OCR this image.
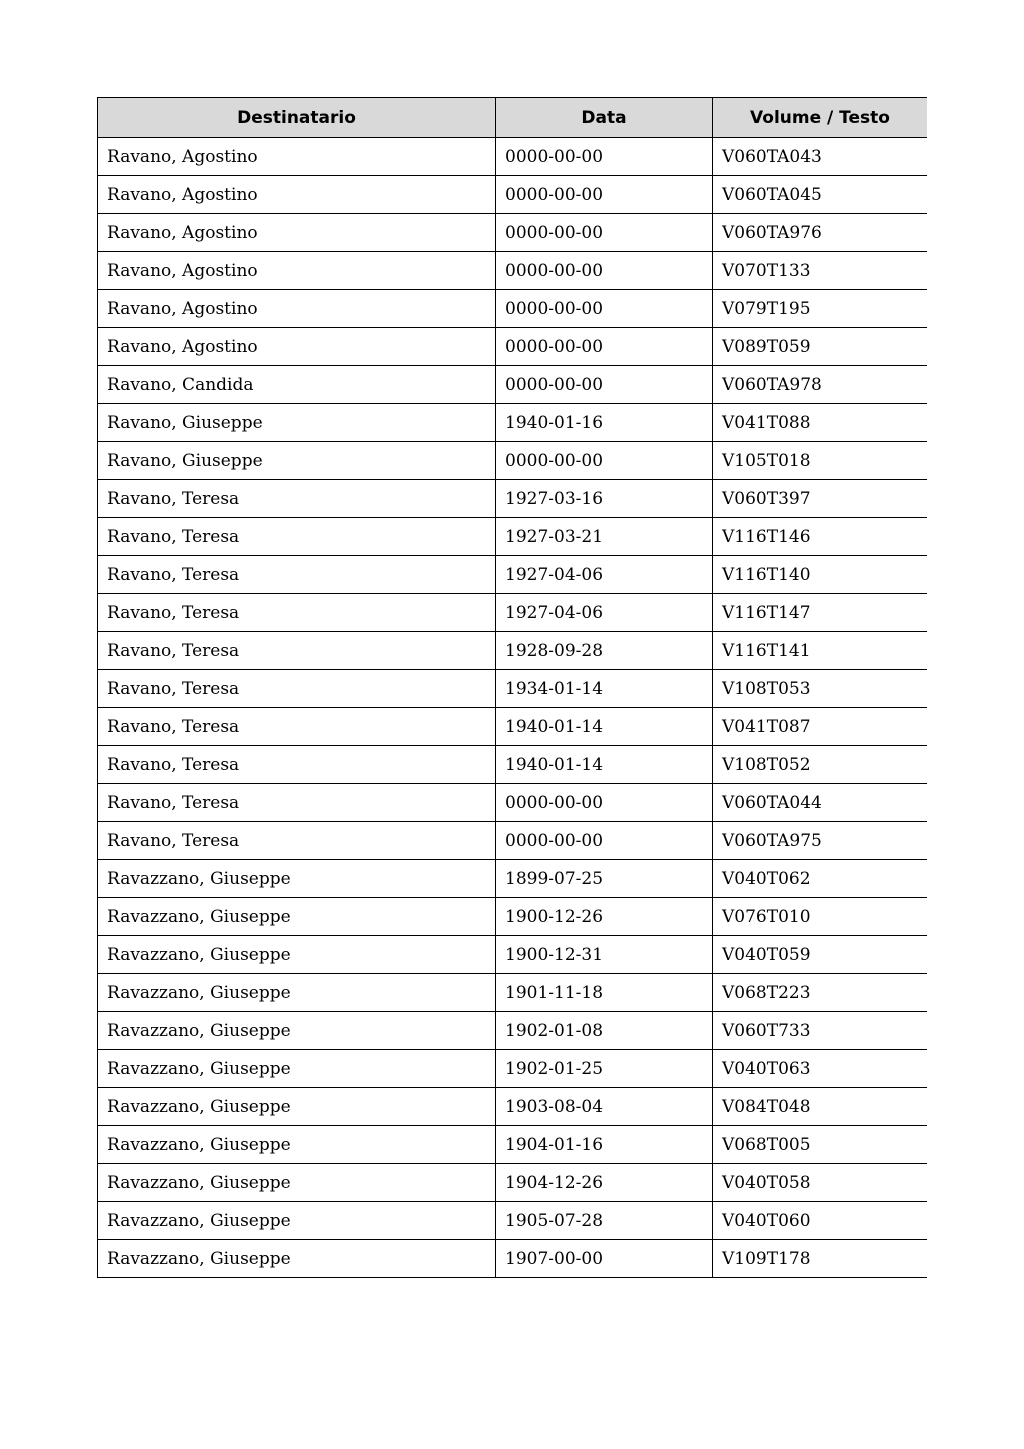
Destinatario	Data	Volume / Testo
Ravano, Agostino	0000-00-00	V060TA043
Ravano, Agostino	0000-00-00	V060TA045
Ravano, Agostino	0000-00-00	V060TA976
Ravano, Agostino	0000-00-00	V070T133
Ravano, Agostino	0000-00-00	V079T195
Ravano, Agostino	0000-00-00	V089T059
Ravano, Candida	0000-00-00	V060TA978
Ravano, Giuseppe	1940-01-16	V041T088
Ravano, Giuseppe	0000-00-00	V105T018
Ravano, Teresa	1927-03-16	V060T397
Ravano, Teresa	1927-03-21	V116T146
Ravano, Teresa	1927-04-06	V116T140
Ravano, Teresa	1927-04-06	V116T147
Ravano, Teresa	1928-09-28	V116T141
Ravano, Teresa	1934-01-14	V108T053
Ravano, Teresa	1940-01-14	V041T087
Ravano, Teresa	1940-01-14	V108T052
Ravano, Teresa	0000-00-00	V060TA044
Ravano, Teresa	0000-00-00	V060TA975
Ravazzano, Giuseppe	1899-07-25	V040T062
Ravazzano, Giuseppe	1900-12-26	V076T010
Ravazzano, Giuseppe	1900-12-31	V040T059
Ravazzano, Giuseppe	1901-11-18	V068T223
Ravazzano, Giuseppe	1902-01-08	V060T733
Ravazzano, Giuseppe	1902-01-25	V040T063
Ravazzano, Giuseppe	1903-08-04	V084T048
Ravazzano, Giuseppe	1904-01-16	V068T005
Ravazzano, Giuseppe	1904-12-26	V040T058
Ravazzano, Giuseppe	1905-07-28	V040T060
Ravazzano, Giuseppe	1907-00-00	V109T178
